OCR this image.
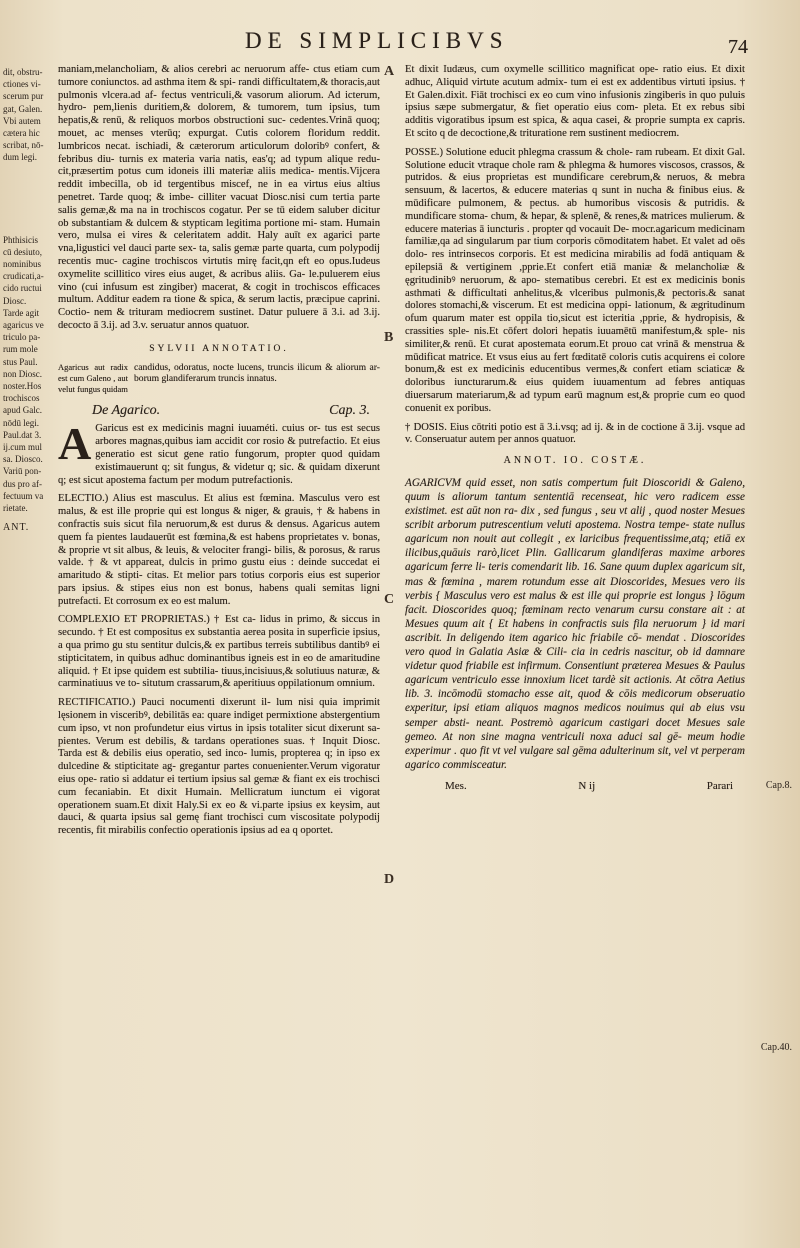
DE SIMPLICIBVS	74
dit, obstru-
ctiones vi-
scerum pur
gat, Galen.
Vbi autem
cætera hic
scribat, nō-
dum legi.
Phthisicis
cū desiuto,
nominibus
crudicati,a-
cido ructui
Diosc.
Tarde agit
agaricus ve
triculo pa-
rum mole
stus Paul.
non Diosc.
noster.Hos
trochiscos
apud Galc.
nōdū legi.
Paul.dat 3.
ij.cum mul
sa. Diosco.
Variū pon-
dus pro af-
fectuum va
rietate.
ANT.
A
B
C
D
Cap.8.
Cap.40.

maniam,melancholiam, & alios cerebri ac neruorum affe- ctus etiam cum tumore coniunctos. ad asthma item & spi- randi difficultatem,& thoracis,aut pulmonis vlcera.ad af- fectus ventriculi,& vasorum aliorum. Ad icterum, hydro- pem,lienis duritiem,& dolorem, & tumorem, tum ipsius, tum hepatis,& renū, & reliquos morbos obstructioni suc- cedentes.Vrinā quoq; mouet, ac menses vterūq; expurgat. Cutis colorem floridum reddit. lumbricos necat. ischiadi, & cæterorum articulorum doloribꝰ confert, & febribus diu- turnis ex materia varia natis, eas'q; ad typum alique redu- cit,præsertim potus cum idoneis illi materiæ aliis medica- mentis.Vijcera reddit imbecilla, ob id tergentibus miscef, ne in ea virtus eius altius penetret. Tarde quoq; & imbe- cilliter vacuat Diosc.nisi cum tertia parte salis gemæ,& ma na in trochiscos cogatur. Per se tū eidem saluber dicitur ob substantiam & dulcem & stypticam legitima portione mi- stam. Humain vero, mulsa ei vires & celeritatem addit. Haly auīt ex agarici parte vna,ligustici vel dauci parte sex- ta, salis gemæ parte quarta, cum polypodij recentis muc- cagine trochiscos virtutis mirę facit,qn eft eo opus.Iudeus oxymelite scillitico vires eius auget, & acribus aliis. Ga- le.puluerem eius vino (cui infusum est zingiber) macerat, & cogit in trochiscos efficaces multum. Additur eadem ra tione & spica, & serum lactis, præcipue caprini. Coctio- nem & trituram mediocrem sustinet. Datur puluere ā 3.i. ad 3.ij. decocto ā 3.ij. ad 3.v. seruatur annos quatuor.

SYLVII ANNOTATIO.
Agaricus aut radix est cum Galeno , aut velut fungus quidam
candidus, odoratus, nocte lucens, truncis ilicum & aliorum ar- borum glandiferarum truncis innatus.
De Agarico.	Cap. 3.

A Garicus est ex medicinis magni iuuaméti. cuius or- tus est secus arbores magnas,quibus iam accidit cor rosio & putrefactio. Et eius generatio est sicut gene ratio fungorum, propter quod quidam existimauerunt q; sit fungus, & videtur q; sic. & quidam dixerunt q; est sicut apostema factum per modum putrefactionis.

ELECTIO.) Alius est masculus. Et alius est fœmina. Masculus vero est malus, & est ille proprie qui est longus & niger, & grauis, † & habens in confractis suis sicut fila neruorum,& est durus & densus. Agaricus autem quem fa pientes laudauerūt est fœmina,& est habens proprietates v. bonas, & proprie vt sit albus, & leuis, & velociter frangi- bilis, & porosus, & rarus valde. † & vt appareat, dulcis in primo gustu eius : deinde succedat ei amaritudo & stipti- citas. Et melior pars totius corporis eius est superior pars ipsius. & stipes eius non est bonus, habens quali semitas ligni putrefacti. Et corrosum ex eo est malum.

COMPLEXIO ET PROPRIETAS.) † Est ca- lidus in primo, & siccus in secundo. † Et est compositus ex substantia aerea posita in superficie ipsius, a qua primo gu stu sentitur dulcis,& ex partibus terreis subtilibus dantibꝰ ei stipticitatem, in quibus adhuc dominantibus igneis est in eo de amaritudine aliquid. † Et ipse quidem est subtilia- tiuus,incisiuus,& solutiuus naturæ, & carminatiuus ve to- situtum crassarum,& aperitiuus oppilationum omnium.

RECTIFICATIO.) Pauci nocumenti dixerunt il- lum nisi quia imprimit lęsionem in visceribꝰ, debilitās ea: quare indiget permixtione abstergentium cum ipso, vt non profundetur eius virtus in ipsis totaliter sicut dixerunt sa- pientes. Verum est debilis, & tardans operationes suas. † Inquit Diosc. Tarda est & debilis eius operatio, sed inco- lumis, propterea q; in ipso ex dulcedine & stipticitate ag- gregantur partes conuenienter.Verum vigoratur eius ope- ratio si addatur ei tertium ipsius sal gemæ & fiant ex eis trochisci cum fecaniabin. Et dixit Humain. Mellicratum iunctum ei vigorat operationem suam.Et dixit Haly.Si ex eo & vi.parte ipsius ex keysim, aut dauci, & quarta ipsius sal gemę fiant trochisci cum viscositate polypodij recentis, fit mirabilis confectio operationis ipsius ad ea q oportet.

Et dixit Iudæus, cum oxymelle scillitico magnificat ope- ratio eius. Et dixit adhuc, Aliquid virtute acutum admix- tum ei est ex addentibus virtuti ipsius. † Et Galen.dixit. Fiāt trochisci ex eo cum vino infusionis zingiberis in quo puluis ipsius sæpe submergatur, & fiet operatio eius com- pleta. Et ex rebus sibi additis vigoratibus ipsum est spica, & aqua casei, & proprie sumpta ex capris. Et scito q de decoctione,& trituratione rem sustinent mediocrem.

POSSE.) Solutione educit phlegma crassum & chole- ram rubeam. Et dixit Gal. Solutione educit vtraque chole ram & phlegma & humores viscosos, crassos, & putridos. & eius proprietas est mundificare cerebrum,& neruos, & mebra sensuum, & lacertos, & educere materias q sunt in nucha & finibus eius. & mūdificare pulmonem, & pectus. ab humoribus viscosis & putridis. & mundificare stoma- chum, & hepar, & splenē, & renes,& matrices mulierum. & educere materias ā iuncturis . propter qd vocauit De- mocr.agaricum medicinam familiæ,qa ad singularum par tium corporis cōmoditatem habet. Et valet ad oēs dolo- res intrinsecos corporis. Et est medicina mirabilis ad fodā antiquam & epilepsiā & vertiginem ,pprie.Et confert etiā maniæ & melancholiæ & ęgritudinibꝰ neruorum, & apo- stematibus cerebri. Et est ex medicinis bonis asthmati & difficultati anhelitus,& vlceribus pulmonis,& pectoris.& sanat dolores stomachi,& viscerum. Et est medicina oppi- lationum, & ægritudinum ofum quarum mater est oppila tio,sicut est icteritia ,pprie, & hydropisis, & crassities sple- nis.Et cōfert dolori hepatis iuuamētū manifestum,& sple- nis similiter,& renū. Et curat apostemata eorum.Et prouo cat vrinā & menstrua & mūdificat matrice. Et vsus eius au fert fœditatē coloris cutis acquirens ei colore bonum,& est ex medicinis educentibus vermes,& confert etiam sciaticæ & doloribus iuncturarum.& eius quidem iuuamentum ad febres antiquas diuersarum materiarum,& ad typum earū magnum est,& proprie cum eo quod conuenit ex poribus.

† DOSIS. Eius cōtriti potio est ā 3.i.vsq; ad ij. & in de coctione ā 3.ij. vsque ad v. Conseruatur autem per annos quatuor.

ANNOT. IO. COSTÆ.

AGARICVM quid esset, non satis compertum fuit Dioscoridi & Galeno, quum is aliorum tantum sententiā recenseat, hic vero radicem esse existimet. est aūt non ra- dix , sed fungus , seu vt alij , quod noster Mesues scribit arborum putrescentium veluti apostema. Nostra tempe- state nullus agaricum non nouit aut collegit , ex laricibus frequentissime,atq; etiā ex ilicibus,quāuis rarò,licet Plin. Gallicarum glandiferas maxime arbores agaricum ferre li- teris comendarit lib. 16. Sane quum duplex agaricum sit, mas & fœmina , marem rotundum esse ait Dioscorides, Mesues vero iis verbis { Masculus vero est malus & est ille qui proprie est longus } lōgum facit. Dioscorides quoq; fœminam recto venarum cursu constare ait : at Mesues quum ait { Et habens in confractis suis fila neruorum } id mari ascribit. In deligendo item agarico hic friabile cō- mendat . Dioscorides vero quod in Galatia Asiæ & Cili- cia in cedris nascitur, ob id damnare videtur quod friabile est infirmum. Consentiunt præterea Mesues & Paulus agaricum ventriculo esse innoxium licet tardè sit actionis. At cōtra Aetius lib. 3. incōmodū stomacho esse ait, quod & cōis medicorum obseruatio experitur, ipsi etiam aliquos magnos medicos nouimus qui ab eius vsu semper absti- neant. Postremò agaricum castigari docet Mesues sale gemeo. At non sine magna ventriculi noxa aduci sal gē- meum hodie experimur . quo fit vt vel vulgare sal gēma adulterinum sit, vel vt perperam agarico commisceatur.

Mes.	N ij	Parari
